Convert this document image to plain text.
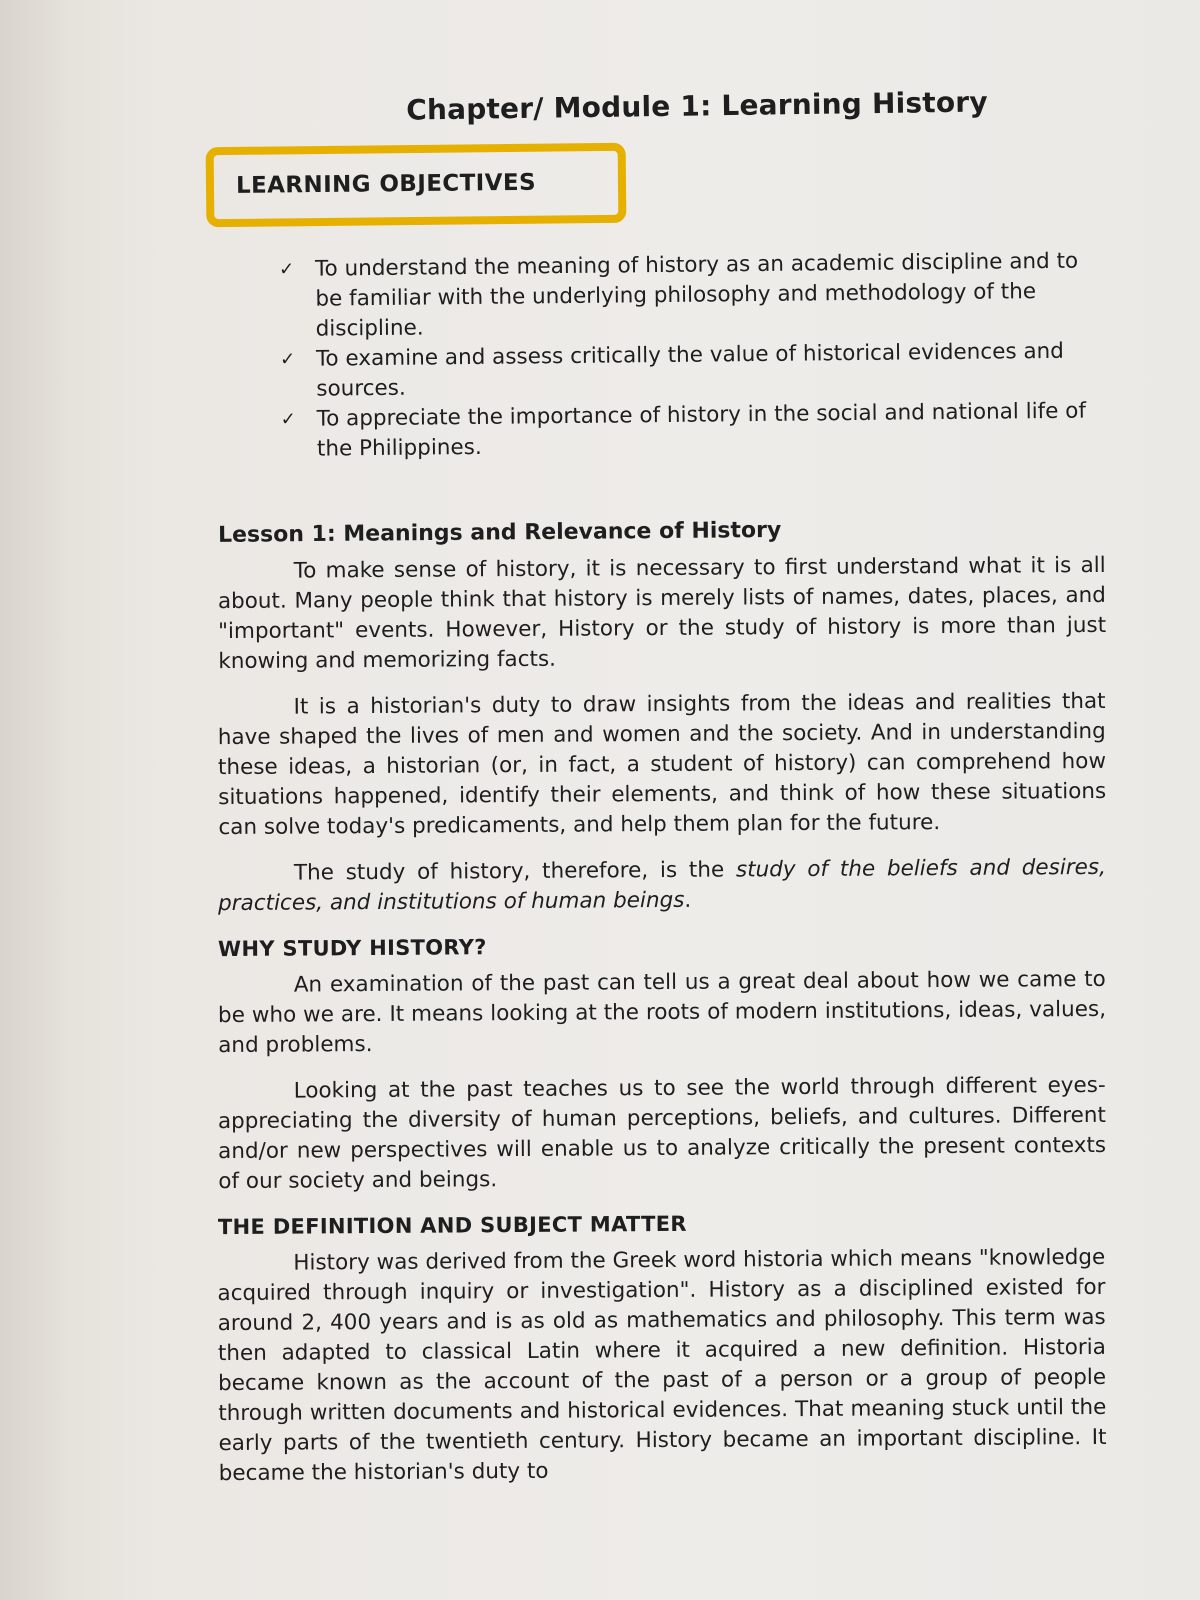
Chapter/ Module 1: Learning History
LEARNING OBJECTIVES
✓ To understand the meaning of history as an academic discipline and to be familiar with the underlying philosophy and methodology of the discipline.
✓ To examine and assess critically the value of historical evidences and sources.
✓ To appreciate the importance of history in the social and national life of the Philippines.
Lesson 1: Meanings and Relevance of History

To make sense of history, it is necessary to first understand what it is all about. Many people think that history is merely lists of names, dates, places, and "important" events. However, History or the study of history is more than just knowing and memorizing facts.

It is a historian's duty to draw insights from the ideas and realities that have shaped the lives of men and women and the society. And in understanding these ideas, a historian (or, in fact, a student of history) can comprehend how situations happened, identify their elements, and think of how these situations can solve today's predicaments, and help them plan for the future.

The study of history, therefore, is the study of the beliefs and desires, practices, and institutions of human beings.

WHY STUDY HISTORY?

An examination of the past can tell us a great deal about how we came to be who we are. It means looking at the roots of modern institutions, ideas, values, and problems.

Looking at the past teaches us to see the world through different eyes-appreciating the diversity of human perceptions, beliefs, and cultures. Different and/or new perspectives will enable us to analyze critically the present contexts of our society and beings.

THE DEFINITION AND SUBJECT MATTER

History was derived from the Greek word historia which means "knowledge acquired through inquiry or investigation". History as a disciplined existed for around 2, 400 years and is as old as mathematics and philosophy. This term was then adapted to classical Latin where it acquired a new definition. Historia became known as the account of the past of a person or a group of people through written documents and historical evidences. That meaning stuck until the early parts of the twentieth century. History became an important discipline. It became the historian's duty to
